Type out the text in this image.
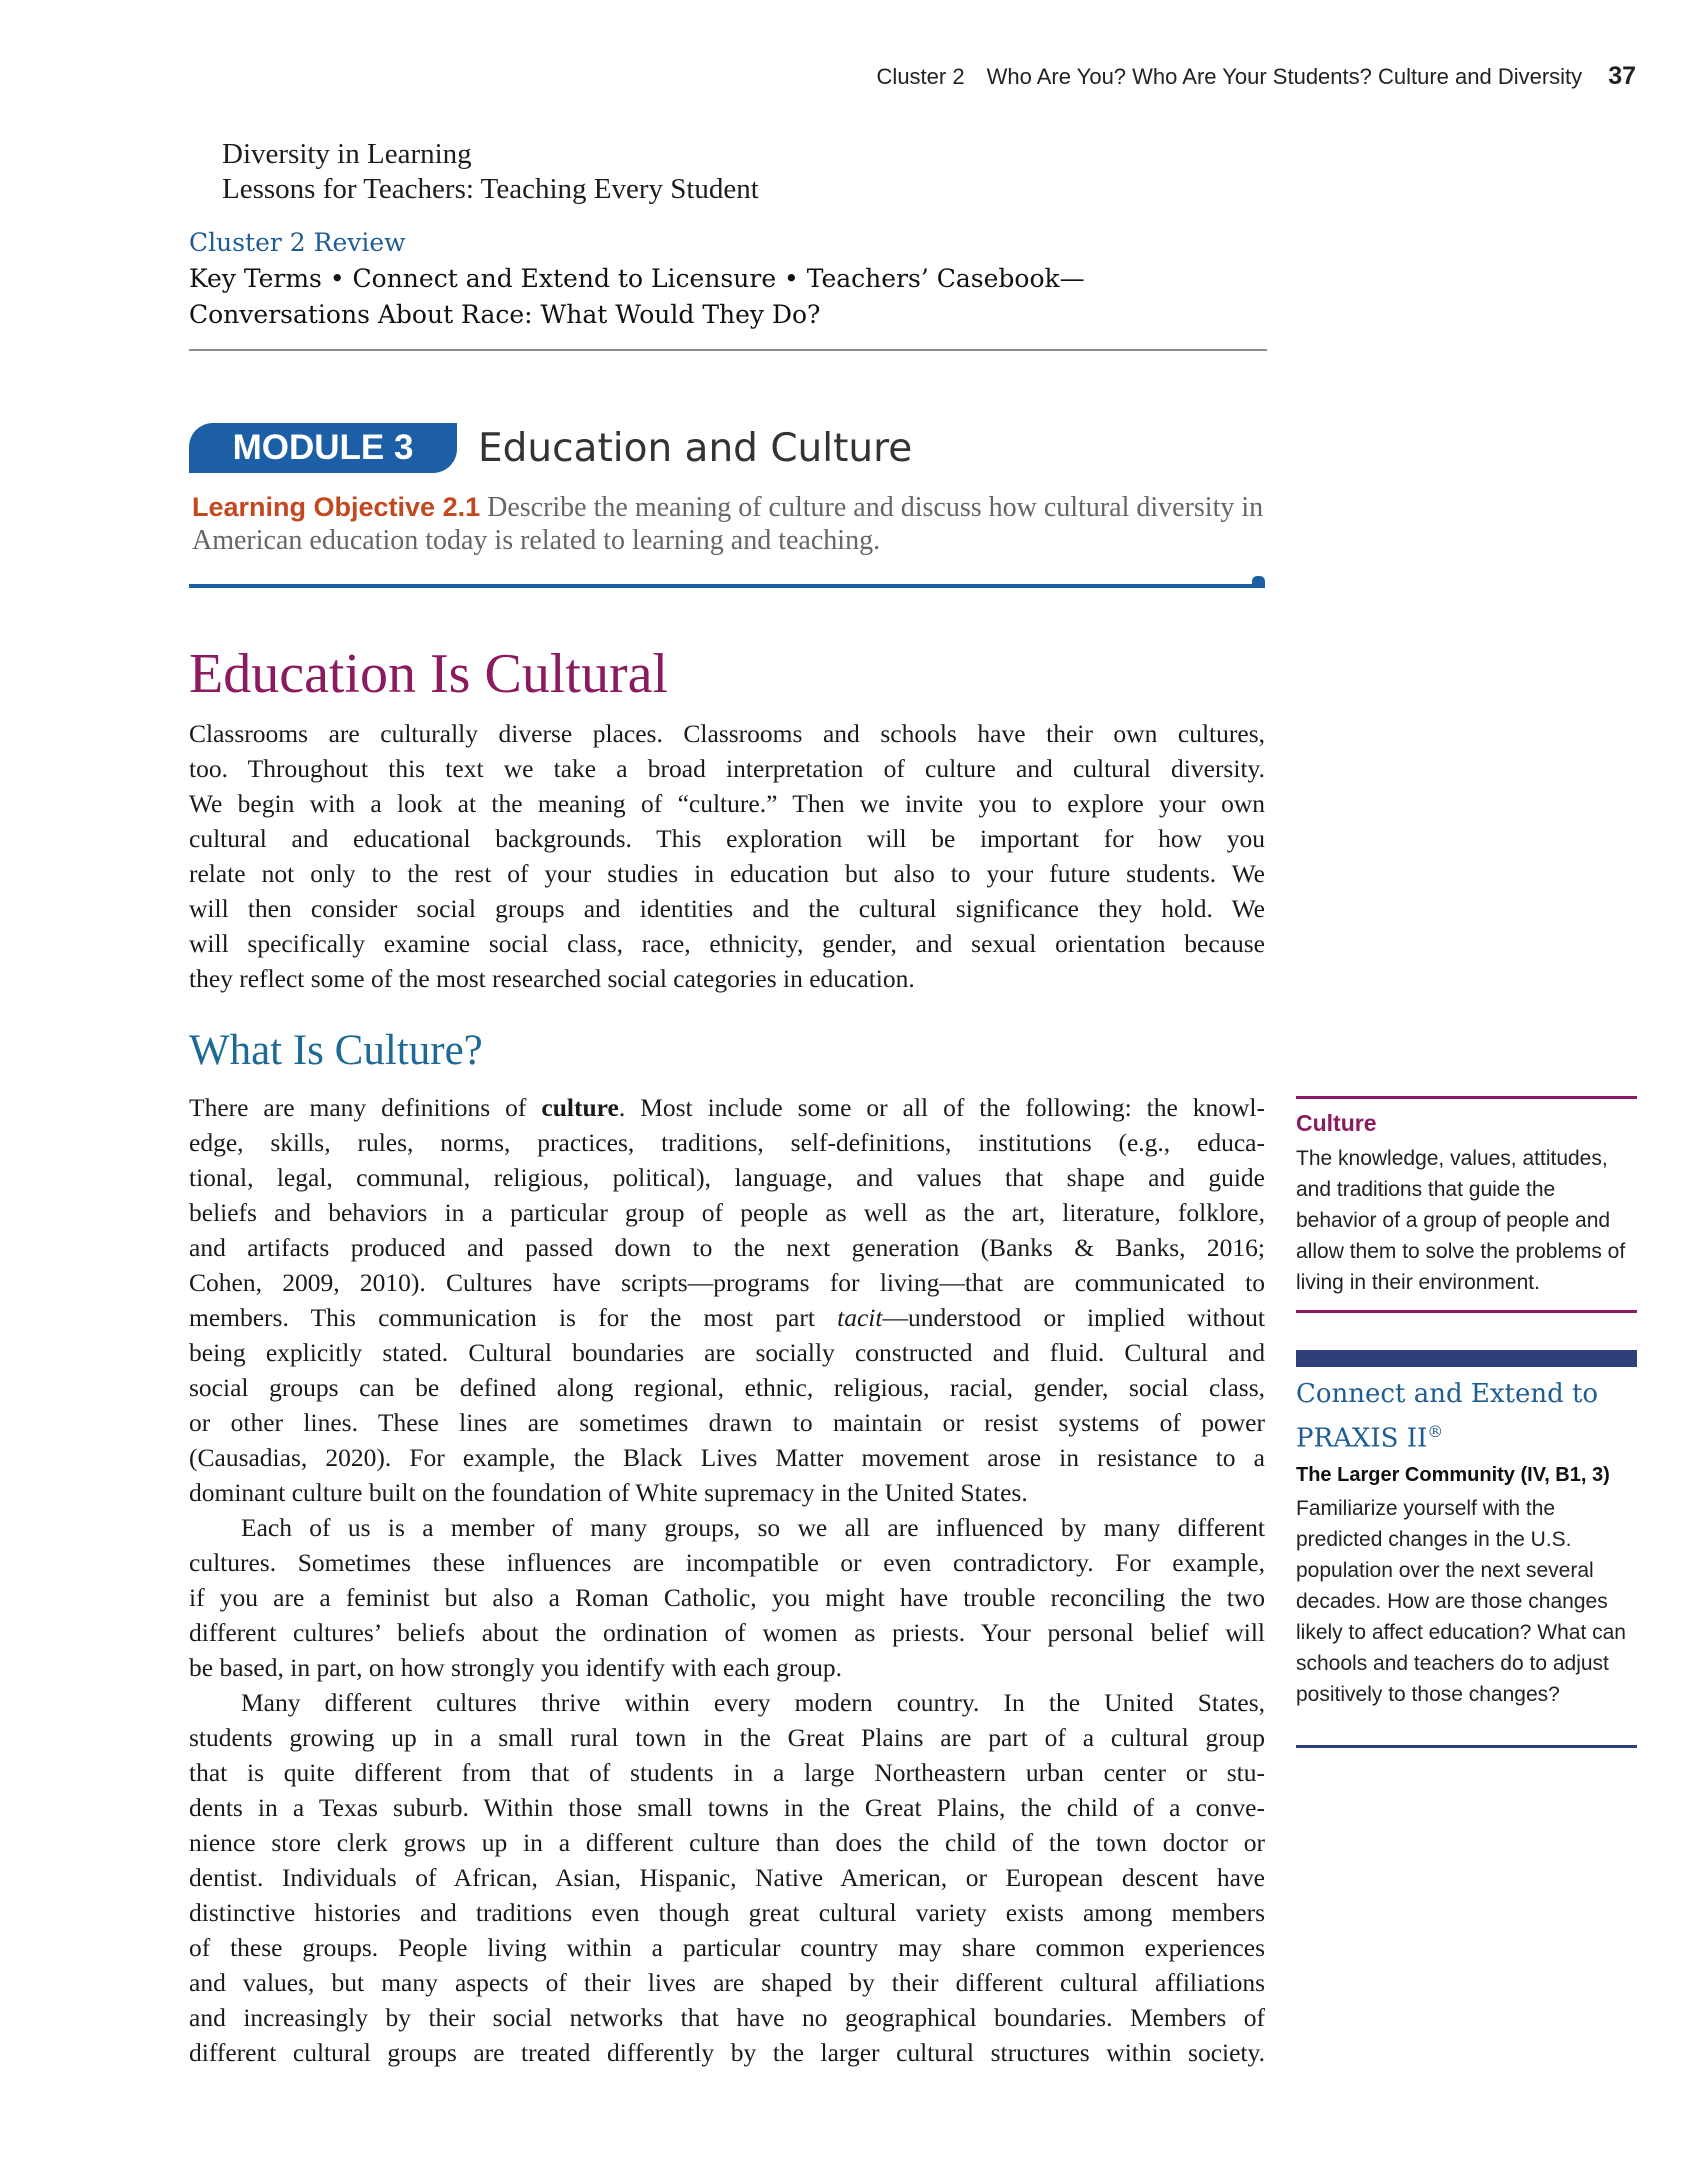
Cluster 2 Who Are You? Who Are Your Students? Culture and Diversity 37
Diversity in Learning
Lessons for Teachers: Teaching Every Student
Cluster 2 Review
Key Terms • Connect and Extend to Licensure • Teachers’ Casebook—
Conversations About Race: What Would They Do?
MODULE 3	Education and Culture
Learning Objective 2.1 Describe the meaning of culture and discuss how cultural diversity in American education today is related to learning and teaching.
Education Is Cultural
Classrooms are culturally diverse places. Classrooms and schools have their own cultures,
too. Throughout this text we take a broad interpretation of culture and cultural diversity.
We begin with a look at the meaning of “culture.” Then we invite you to explore your own
cultural and educational backgrounds. This exploration will be important for how you
relate not only to the rest of your studies in education but also to your future students. We
will then consider social groups and identities and the cultural significance they hold. We
will specifically examine social class, race, ethnicity, gender, and sexual orientation because
they reflect some of the most researched social categories in education.
What Is Culture?
There are many definitions of culture. Most include some or all of the following: the knowl-
edge, skills, rules, norms, practices, traditions, self-definitions, institutions (e.g., educa-
tional, legal, communal, religious, political), language, and values that shape and guide
beliefs and behaviors in a particular group of people as well as the art, literature, folklore,
and artifacts produced and passed down to the next generation (Banks & Banks, 2016;
Cohen, 2009, 2010). Cultures have scripts—programs for living—that are communicated to
members. This communication is for the most part tacit—understood or implied without
being explicitly stated. Cultural boundaries are socially constructed and fluid. Cultural and
social groups can be defined along regional, ethnic, religious, racial, gender, social class,
or other lines. These lines are sometimes drawn to maintain or resist systems of power
(Causadias, 2020). For example, the Black Lives Matter movement arose in resistance to a
dominant culture built on the foundation of White supremacy in the United States.
Each of us is a member of many groups, so we all are influenced by many different
cultures. Sometimes these influences are incompatible or even contradictory. For example,
if you are a feminist but also a Roman Catholic, you might have trouble reconciling the two
different cultures’ beliefs about the ordination of women as priests. Your personal belief will
be based, in part, on how strongly you identify with each group.
Many different cultures thrive within every modern country. In the United States,
students growing up in a small rural town in the Great Plains are part of a cultural group
that is quite different from that of students in a large Northeastern urban center or stu-
dents in a Texas suburb. Within those small towns in the Great Plains, the child of a conve-
nience store clerk grows up in a different culture than does the child of the town doctor or
dentist. Individuals of African, Asian, Hispanic, Native American, or European descent have
distinctive histories and traditions even though great cultural variety exists among members
of these groups. People living within a particular country may share common experiences
and values, but many aspects of their lives are shaped by their different cultural affiliations
and increasingly by their social networks that have no geographical boundaries. Members of
different cultural groups are treated differently by the larger cultural structures within society.
Culture
The knowledge, values, attitudes, and traditions that guide the behavior of a group of people and allow them to solve the problems of living in their environment.
Connect and Extend to PRAXIS II®
The Larger Community (IV, B1, 3)
Familiarize yourself with the predicted changes in the U.S. population over the next several decades. How are those changes likely to affect education? What can schools and teachers do to adjust positively to those changes?
